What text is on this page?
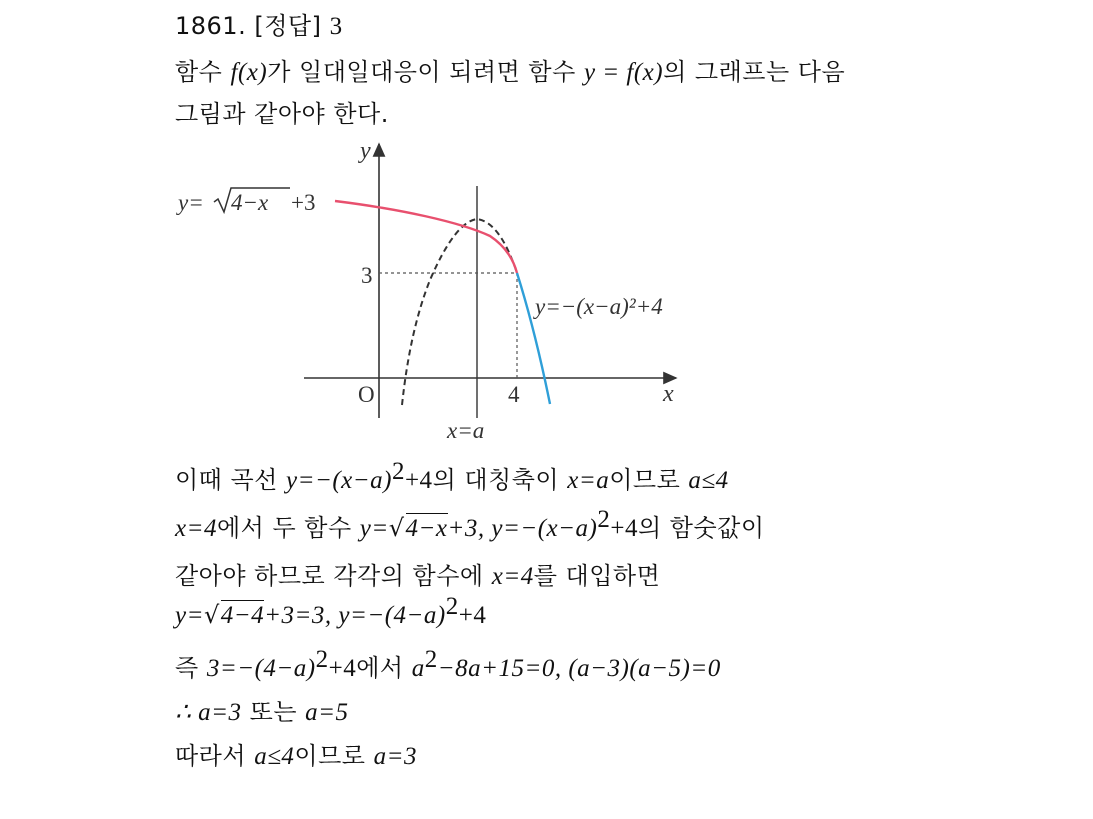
1861. [정답] 3
함수 f(x)가 일대일대응이 되려면 함수 y = f(x)의 그래프는 다음
그림과 같아야 한다.
y
x
O	4
3
y=−(x−a)²+4
x=a
y= 4−x +3
이때 곡선 $y=-(x-a)^2+4$의 대칭축이 x=a이므로 a≤4
x=4에서 두 함수 y=√4−x+3, $y=-(x-a)^2+4$의 함숫값이
같아야 하므로 각각의 함수에 x=4를 대입하면
y=√4−4+3=3, $y=-(4-a)^2+4$
즉 $3=-(4-a)^2+4$에서 $a^2-8a+15=0$, (a−3)(a−5)=0
∴ a=3 또는 a=5
따라서 a≤4이므로 a=3
